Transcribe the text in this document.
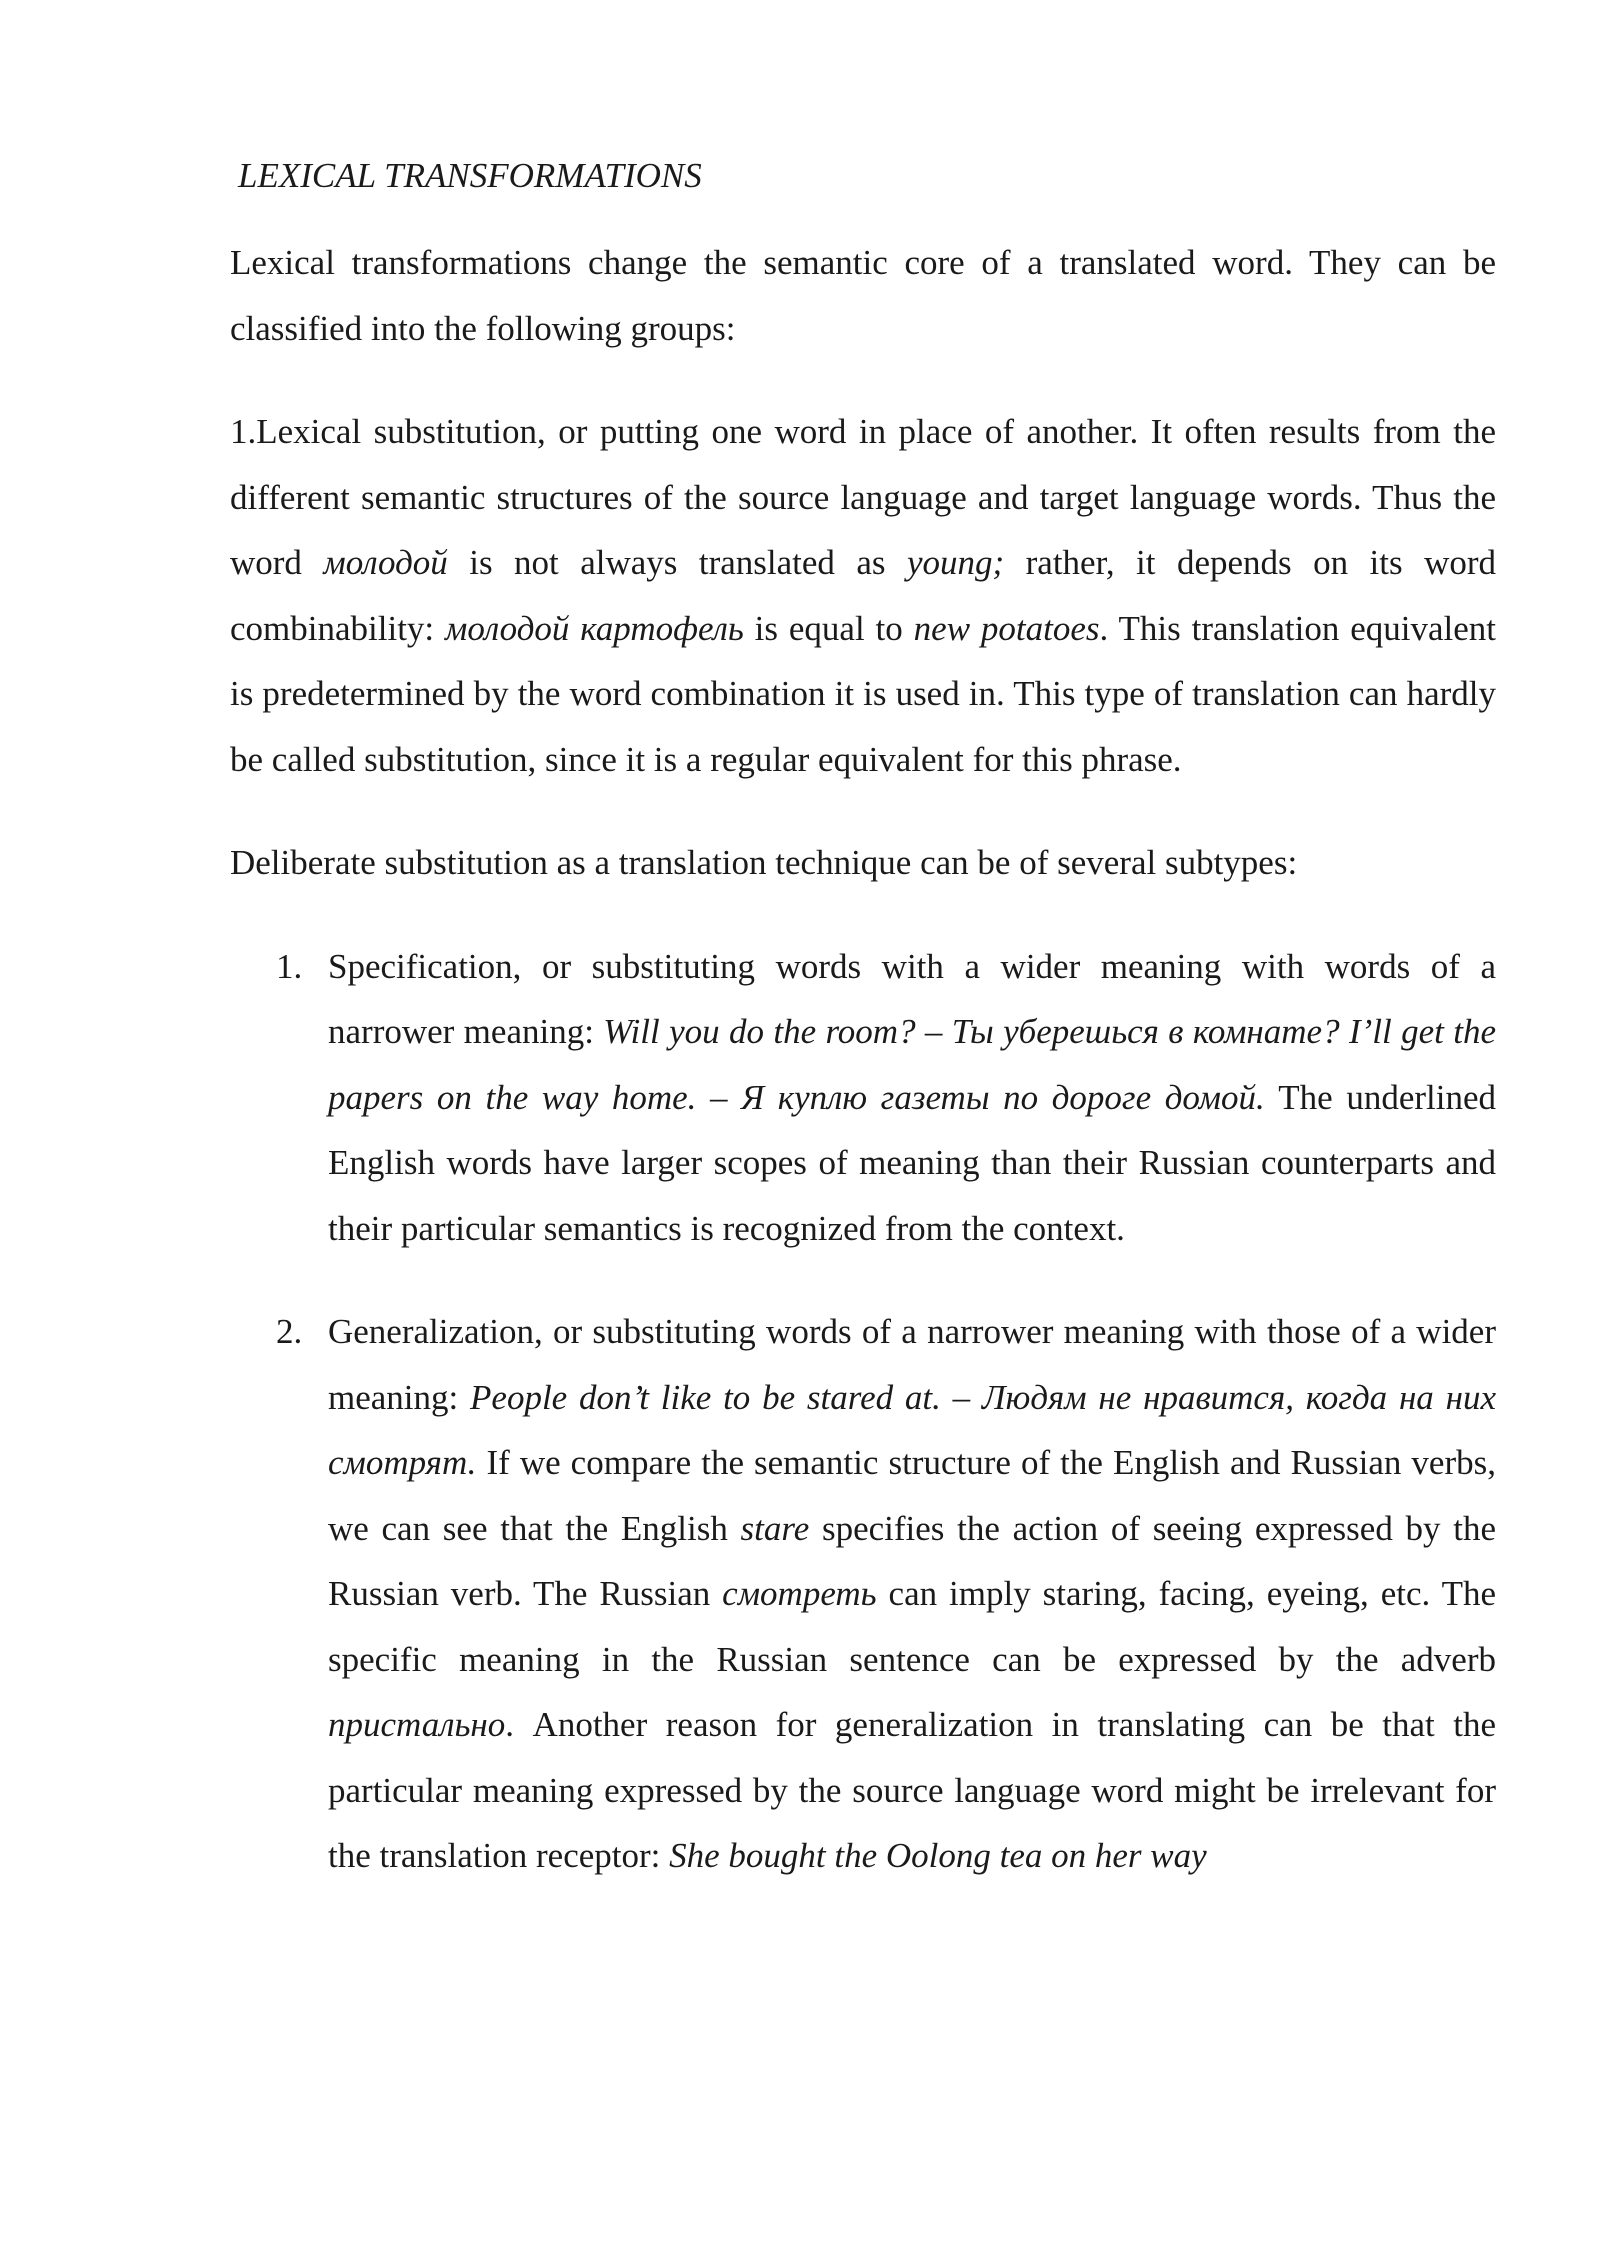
LEXICAL TRANSFORMATIONS

Lexical transformations change the semantic core of a translated word. They can be classified into the following groups:

1.Lexical substitution, or putting one word in place of another. It often results from the different semantic structures of the source language and target language words. Thus the word молодой is not always translated as young; rather, it depends on its word combinability: молодой картофель is equal to new potatoes. This translation equivalent is predetermined by the word combination it is used in. This type of translation can hardly be called substitution, since it is a regular equivalent for this phrase.

Deliberate substitution as a translation technique can be of several subtypes:

1. Specification, or substituting words with a wider meaning with words of a narrower meaning: Will you do the room? – Ты уберешься в комнате? I’ll get the papers on the way home. – Я куплю газеты по дороге домой. The underlined English words have larger scopes of meaning than their Russian counterparts and their particular semantics is recognized from the context.
2. Generalization, or substituting words of a narrower meaning with those of a wider meaning: People don’t like to be stared at. – Людям не нравится, когда на них смотрят. If we compare the semantic structure of the English and Russian verbs, we can see that the English stare specifies the action of seeing expressed by the Russian verb. The Russian смотреть can imply staring, facing, eyeing, etc. The specific meaning in the Russian sentence can be expressed by the adverb пристально. Another reason for generalization in translating can be that the particular meaning expressed by the source language word might be irrelevant for the translation receptor: She bought the Oolong tea on her way
